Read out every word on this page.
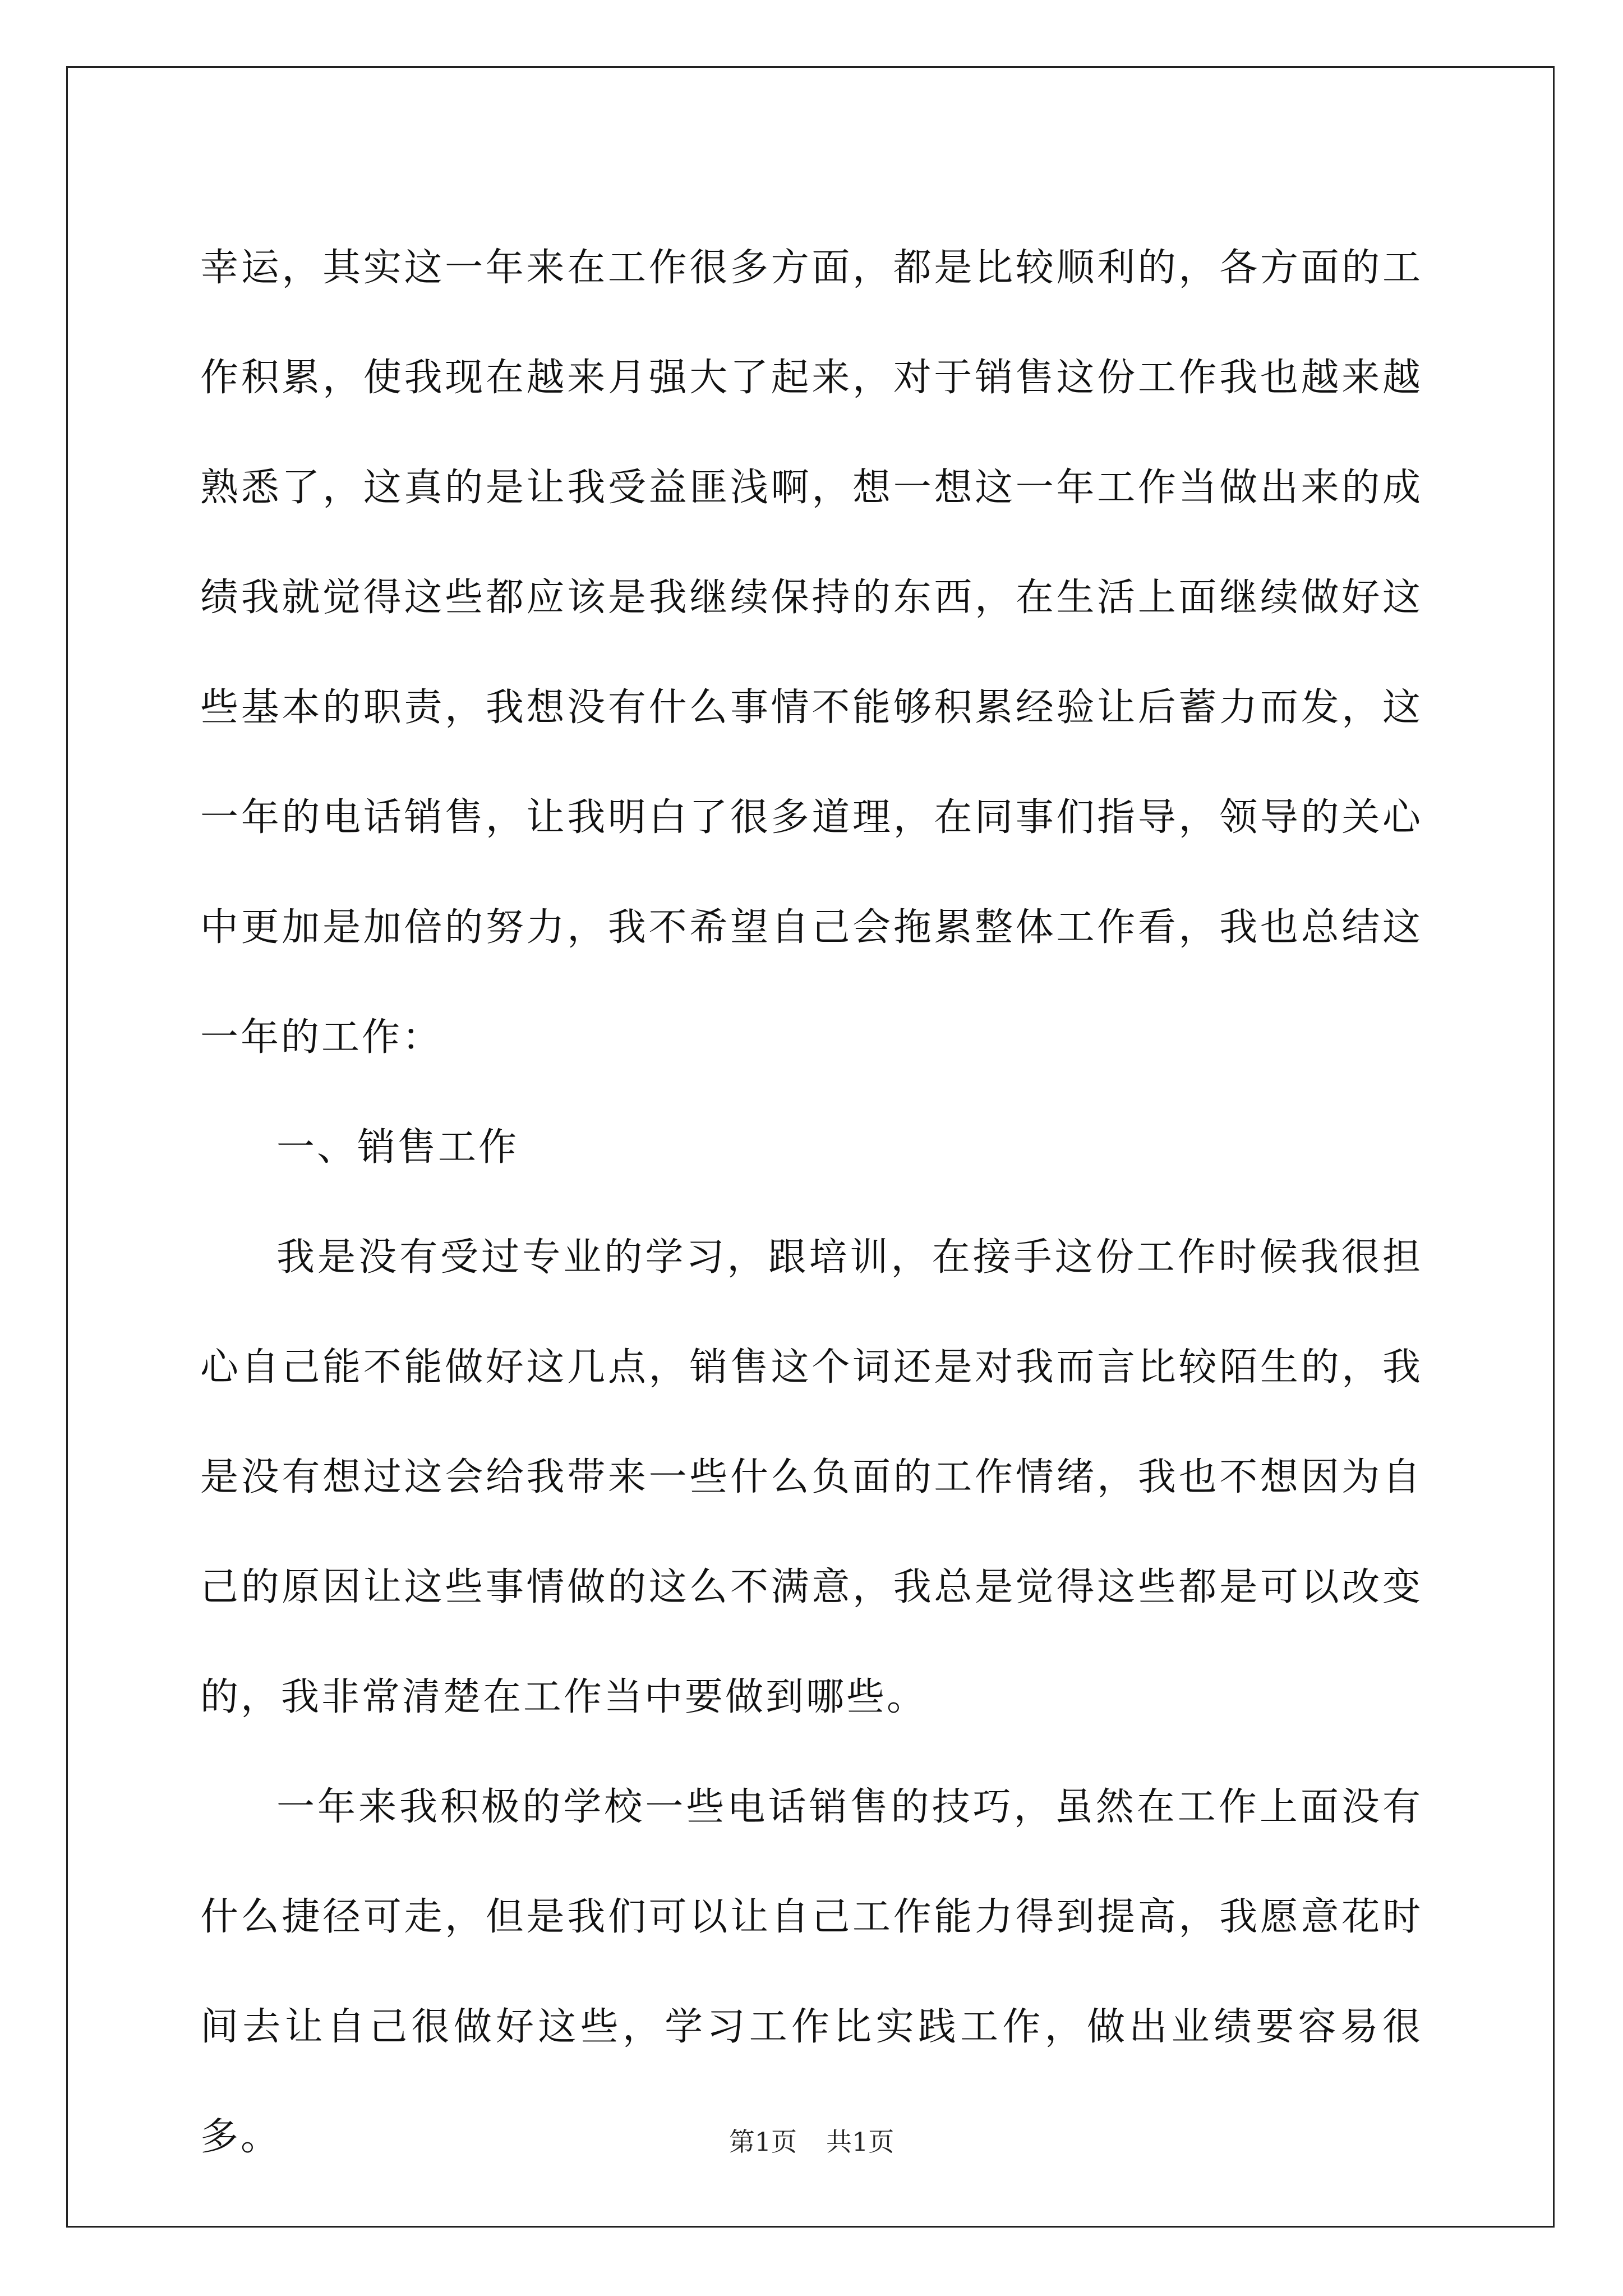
幸运，其实这一年来在工作很多方面，都是比较顺利的，各方面的工作积累，使我现在越来月强大了起来，对于销售这份工作我也越来越熟悉了，这真的是让我受益匪浅啊，想一想这一年工作当做出来的成绩我就觉得这些都应该是我继续保持的东西，在生活上面继续做好这些基本的职责，我想没有什么事情不能够积累经验让后蓄力而发，这一年的电话销售，让我明白了很多道理，在同事们指导，领导的关心中更加是加倍的努力，我不希望自己会拖累整体工作看，我也总结这一年的工作：

一、销售工作

我是没有受过专业的学习，跟培训，在接手这份工作时候我很担心自己能不能做好这几点，销售这个词还是对我而言比较陌生的，我是没有想过这会给我带来一些什么负面的工作情绪，我也不想因为自己的原因让这些事情做的这么不满意，我总是觉得这些都是可以改变的，我非常清楚在工作当中要做到哪些。

一年来我积极的学校一些电话销售的技巧，虽然在工作上面没有什么捷径可走，但是我们可以让自己工作能力得到提高，我愿意花时间去让自己很做好这些，学习工作比实践工作，做出业绩要容易很多。	第1页 共1页
